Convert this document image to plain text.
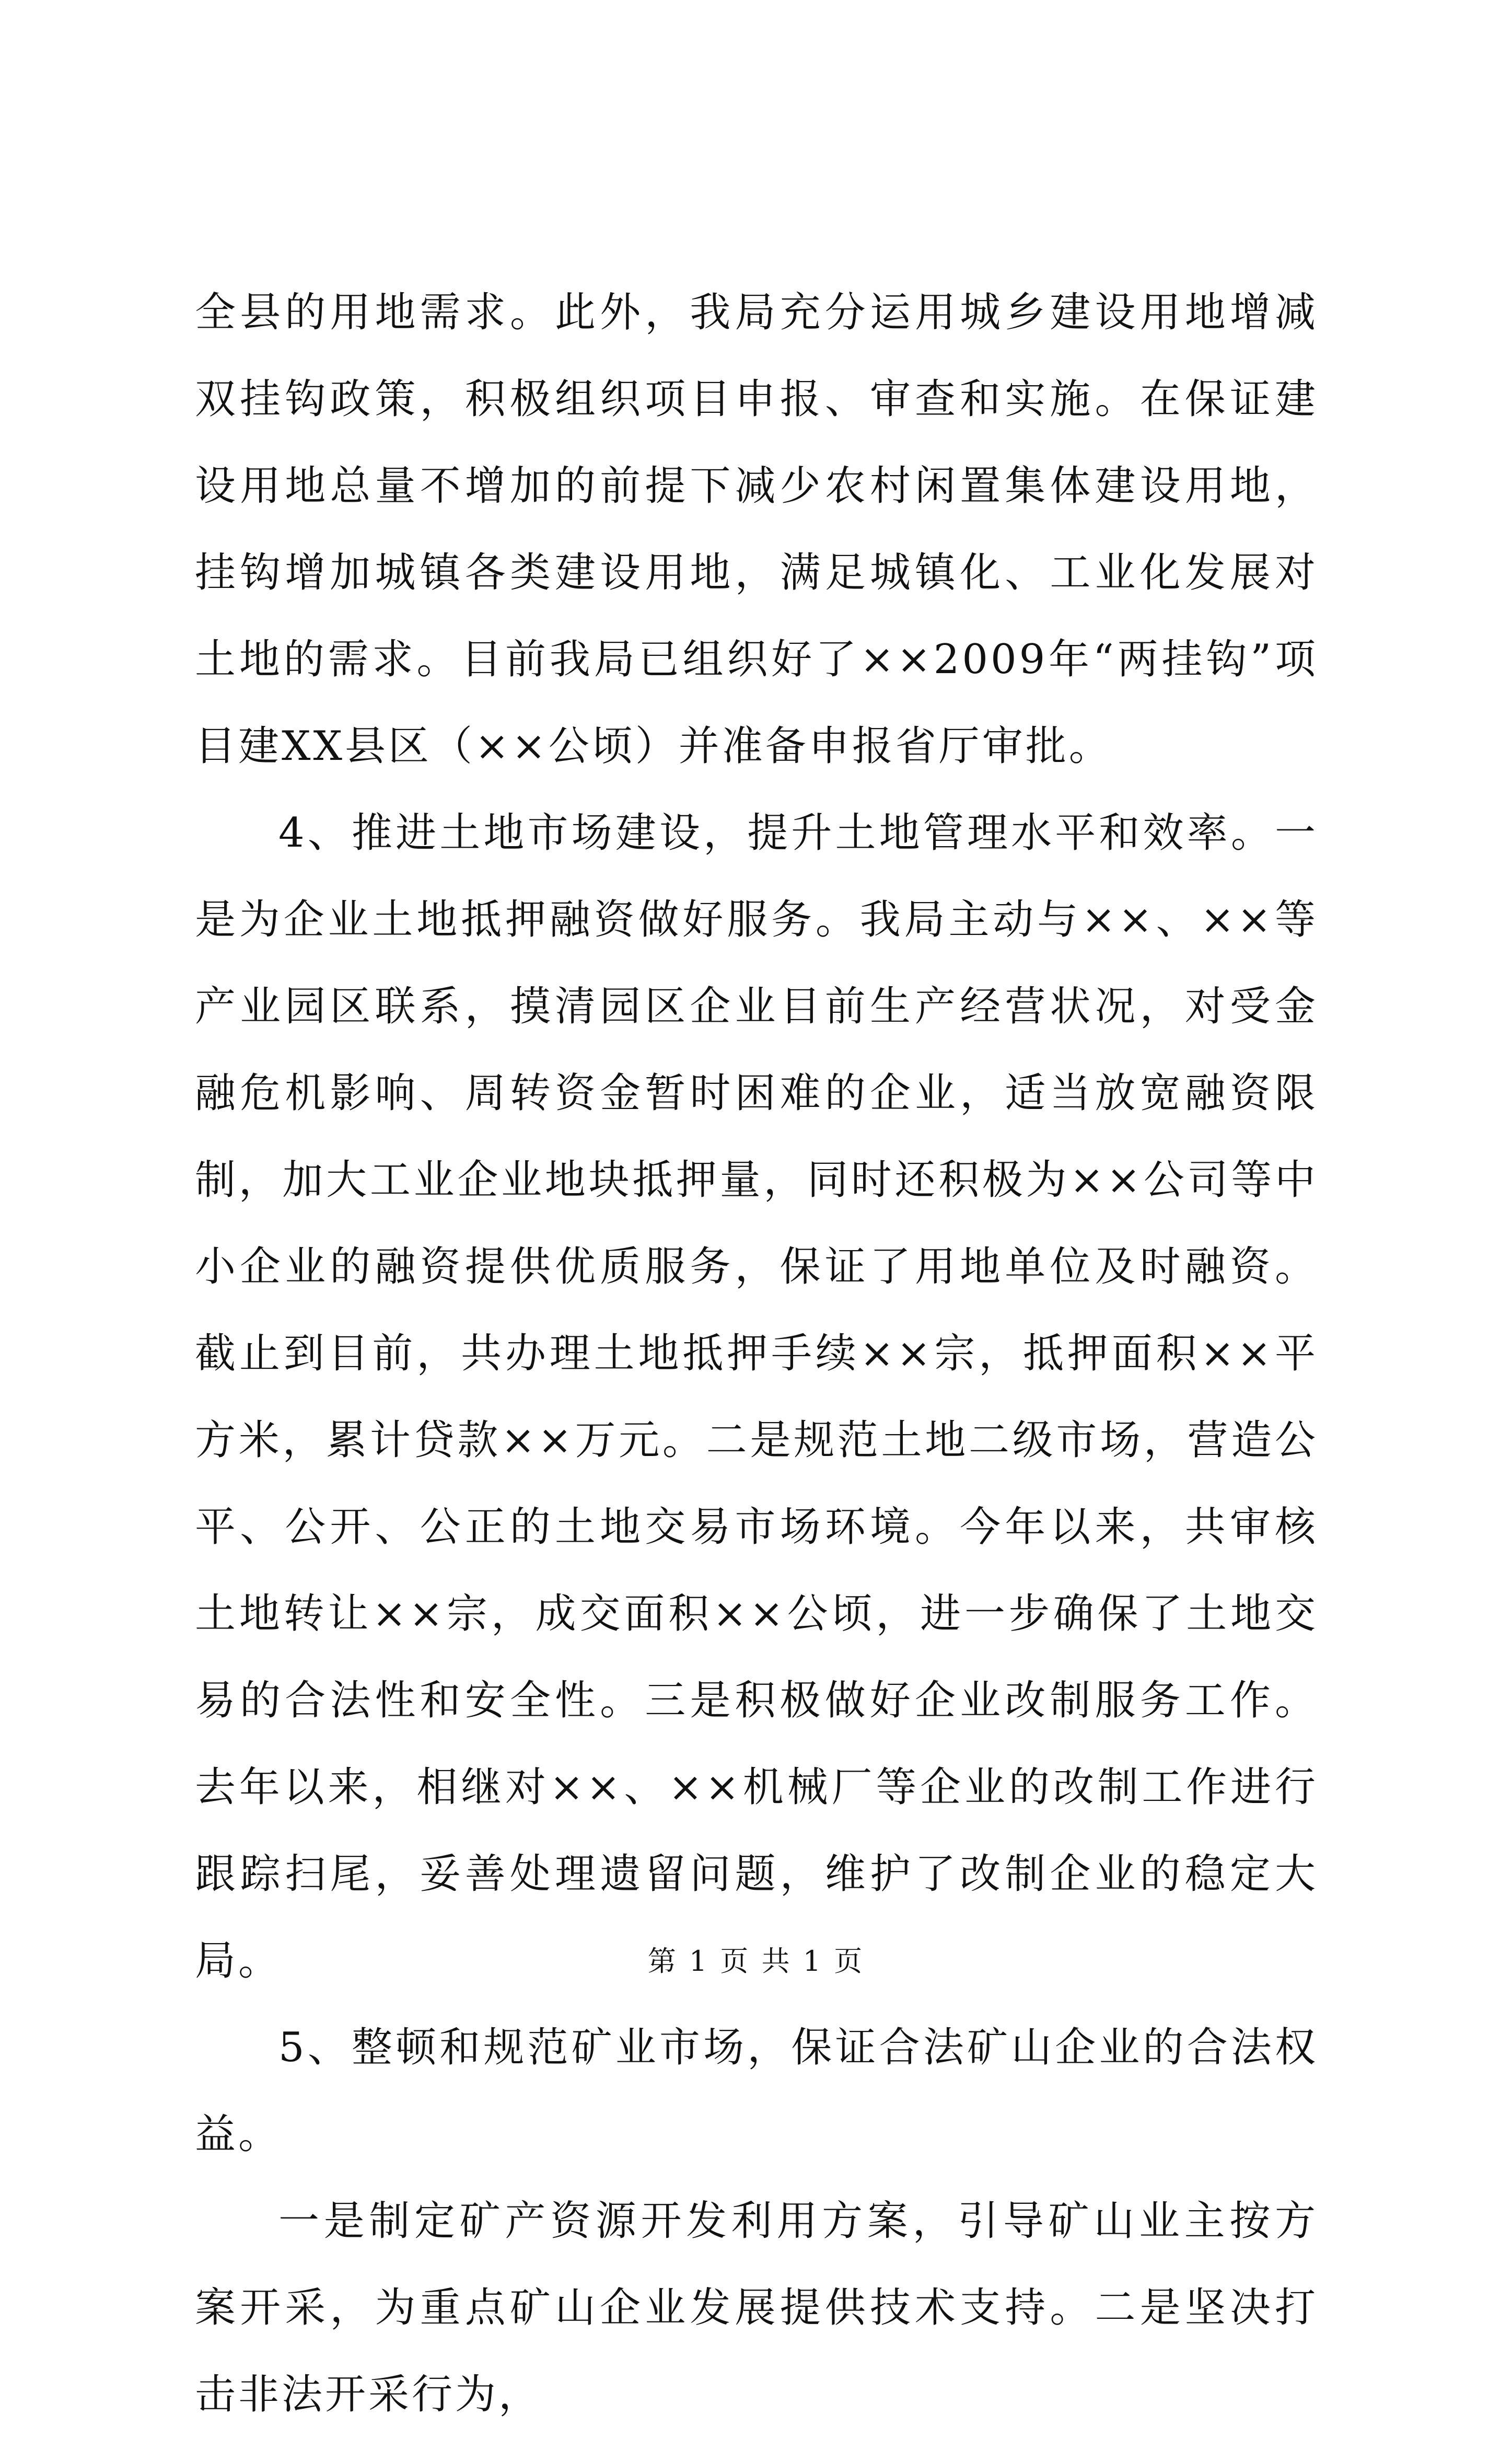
全县的用地需求。此外，我局充分运用城乡建设用地增减双挂钩政策，积极组织项目申报、审查和实施。在保证建设用地总量不增加的前提下减少农村闲置集体建设用地，挂钩增加城镇各类建设用地，满足城镇化、工业化发展对土地的需求。目前我局已组织好了××2009年“两挂钩”项目建XX县区（××公顷）并准备申报省厅审批。

4、推进土地市场建设，提升土地管理水平和效率。一是为企业土地抵押融资做好服务。我局主动与××、××等产业园区联系，摸清园区企业目前生产经营状况，对受金融危机影响、周转资金暂时困难的企业，适当放宽融资限制，加大工业企业地块抵押量，同时还积极为××公司等中小企业的融资提供优质服务，保证了用地单位及时融资。截止到目前，共办理土地抵押手续××宗，抵押面积××平方米，累计贷款××万元。二是规范土地二级市场，营造公平、公开、公正的土地交易市场环境。今年以来，共审核土地转让××宗，成交面积××公顷，进一步确保了土地交易的合法性和安全性。三是积极做好企业改制服务工作。去年以来，相继对××、××机械厂等企业的改制工作进行跟踪扫尾，妥善处理遗留问题，维护了改制企业的稳定大局。

5、整顿和规范矿业市场，保证合法矿山企业的合法权益。

一是制定矿产资源开发利用方案，引导矿山业主按方案开采，为重点矿山企业发展提供技术支持。二是坚决打击非法开采行为，

第 1 页 共 1 页
